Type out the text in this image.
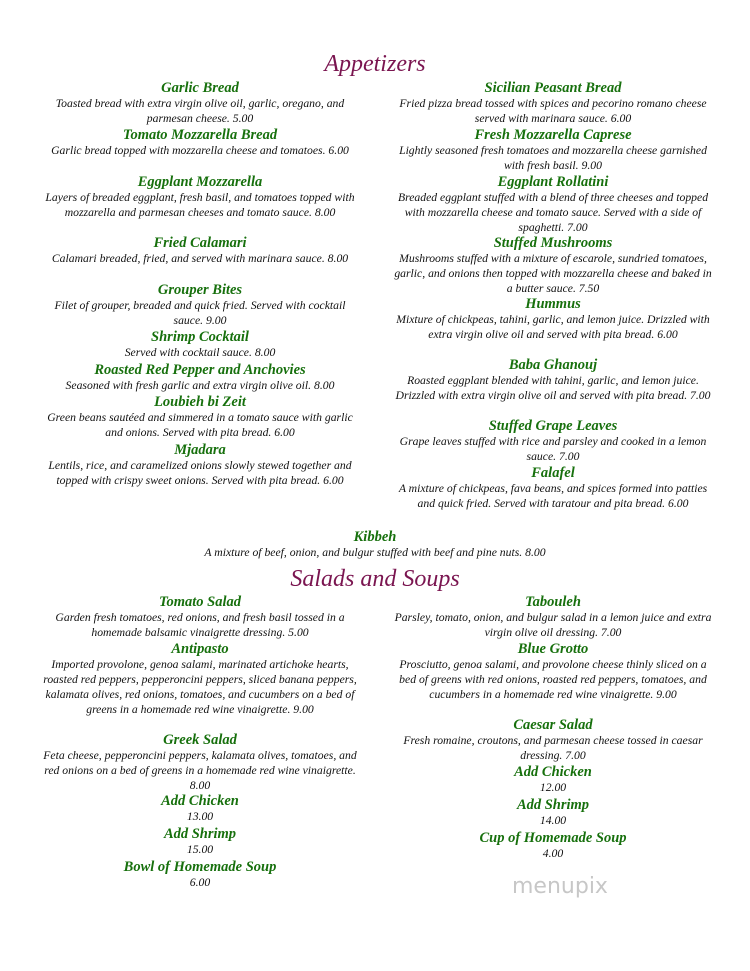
Appetizers
Garlic Bread
Toasted bread with extra virgin olive oil, garlic, oregano, and parmesan cheese. 5.00
Tomato Mozzarella Bread
Garlic bread topped with mozzarella cheese and tomatoes. 6.00
Eggplant Mozzarella
Layers of breaded eggplant, fresh basil, and tomatoes topped with mozzarella and parmesan cheeses and tomato sauce. 8.00
Fried Calamari
Calamari breaded, fried, and served with marinara sauce. 8.00
Grouper Bites
Filet of grouper, breaded and quick fried. Served with cocktail sauce. 9.00
Shrimp Cocktail
Served with cocktail sauce. 8.00
Roasted Red Pepper and Anchovies
Seasoned with fresh garlic and extra virgin olive oil. 8.00
Loubieh bi Zeit
Green beans sautéed and simmered in a tomato sauce with garlic and onions. Served with pita bread. 6.00
Mjadara
Lentils, rice, and caramelized onions slowly stewed together and topped with crispy sweet onions. Served with pita bread. 6.00
Sicilian Peasant Bread
Fried pizza bread tossed with spices and pecorino romano cheese served with marinara sauce. 6.00
Fresh Mozzarella Caprese
Lightly seasoned fresh tomatoes and mozzarella cheese garnished with fresh basil. 9.00
Eggplant Rollatini
Breaded eggplant stuffed with a blend of three cheeses and topped with mozzarella cheese and tomato sauce. Served with a side of spaghetti. 7.00
Stuffed Mushrooms
Mushrooms stuffed with a mixture of escarole, sundried tomatoes, garlic, and onions then topped with mozzarella cheese and baked in a butter sauce. 7.50
Hummus
Mixture of chickpeas, tahini, garlic, and lemon juice. Drizzled with extra virgin olive oil and served with pita bread. 6.00
Baba Ghanouj
Roasted eggplant blended with tahini, garlic, and lemon juice. Drizzled with extra virgin olive oil and served with pita bread. 7.00
Stuffed Grape Leaves
Grape leaves stuffed with rice and parsley and cooked in a lemon sauce. 7.00
Falafel
A mixture of chickpeas, fava beans, and spices formed into patties and quick fried. Served with taratour and pita bread. 6.00
Kibbeh
A mixture of beef, onion, and bulgur stuffed with beef and pine nuts. 8.00
Salads and Soups
Tomato Salad
Garden fresh tomatoes, red onions, and fresh basil tossed in a homemade balsamic vinaigrette dressing. 5.00
Antipasto
Imported provolone, genoa salami, marinated artichoke hearts, roasted red peppers, pepperoncini peppers, sliced banana peppers, kalamata olives, red onions, tomatoes, and cucumbers on a bed of greens in a homemade red wine vinaigrette. 9.00
Greek Salad
Feta cheese, pepperoncini peppers, kalamata olives, tomatoes, and red onions on a bed of greens in a homemade red wine vinaigrette. 8.00
Add Chicken
13.00
Add Shrimp
15.00
Bowl of Homemade Soup
6.00
Tabouleh
Parsley, tomato, onion, and bulgur salad in a lemon juice and extra virgin olive oil dressing. 7.00
Blue Grotto
Prosciutto, genoa salami, and provolone cheese thinly sliced on a bed of greens with red onions, roasted red peppers, tomatoes, and cucumbers in a homemade red wine vinaigrette. 9.00
Caesar Salad
Fresh romaine, croutons, and parmesan cheese tossed in caesar dressing. 7.00
Add Chicken
12.00
Add Shrimp
14.00
Cup of Homemade Soup
4.00
menupix
